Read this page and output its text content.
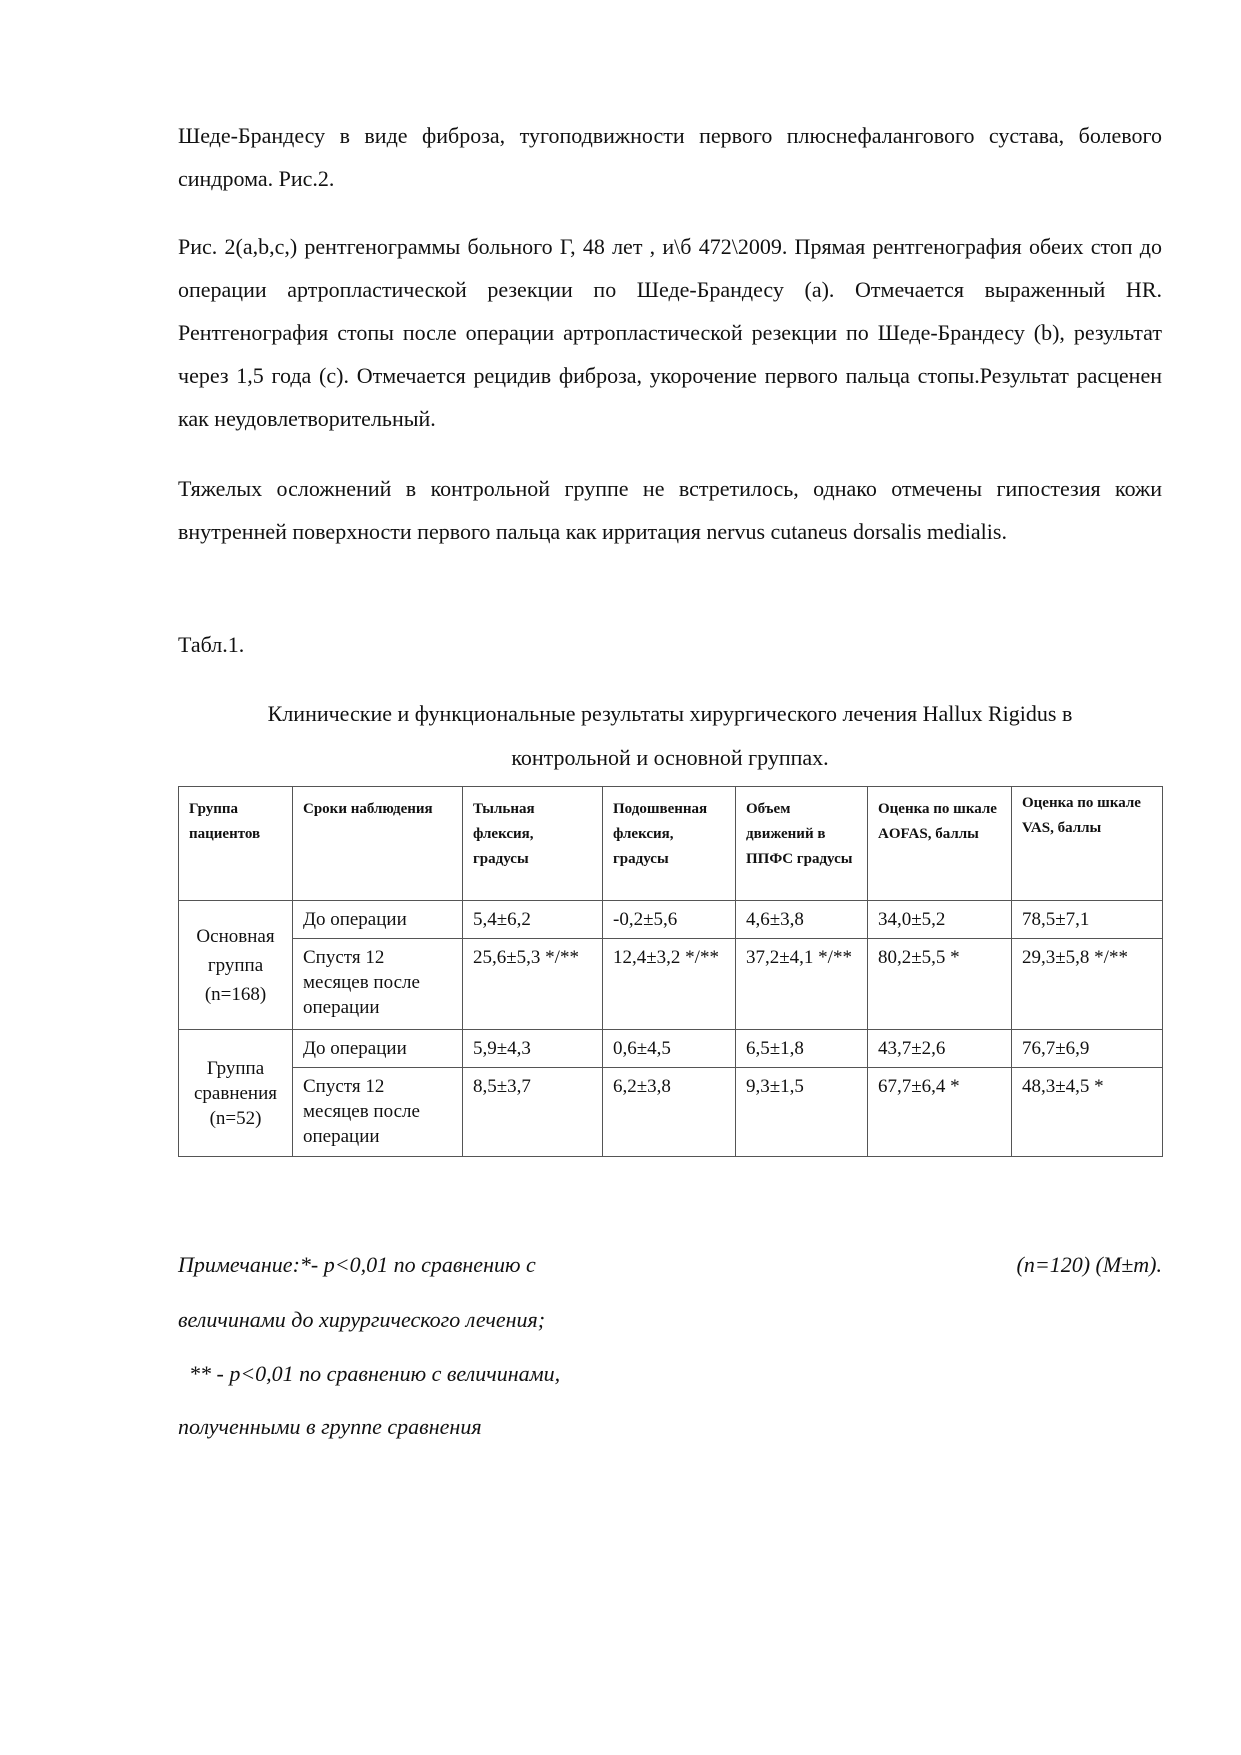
Шеде-Брандесу в виде фиброза, тугоподвижности первого плюснефалангового сустава, болевого синдрома. Рис.2.
Рис. 2(a,b,c,) рентгенограммы больного Г, 48 лет , и\б 472\2009. Прямая рентгенография обеих стоп до операции артропластической резекции по Шеде-Брандесу (а). Отмечается выраженный HR. Рентгенография стопы после операции артропластической резекции по Шеде-Брандесу (b), результат через 1,5 года (c). Отмечается рецидив фиброза, укорочение первого пальца стопы.Результат расценен как неудовлетворительный.
Тяжелых осложнений в контрольной группе не встретилось, однако отмечены гипостезия кожи внутренней поверхности первого пальца как ирритация nervus cutaneus dorsalis medialis.
Табл.1.
Клинические и функциональные результаты хирургического лечения Hallux Rigidus в
контрольной и основной группах.
Группа пациентов	Сроки наблюдения	Тыльная флексия, градусы	Подошвенная флексия, градусы	Объем движений в ППФС градусы	Оценка по шкале AOFAS, баллы	Оценка по шкале VAS, баллы
Основная группа (n=168)	До операции	5,4±6,2	-0,2±5,6	4,6±3,8	34,0±5,2	78,5±7,1
	Спустя 12 месяцев после операции	25,6±5,3 */**	12,4±3,2 */**	37,2±4,1 */**	80,2±5,5 *	29,3±5,8 */**
Группа сравнения (n=52)	До операции	5,9±4,3	0,6±4,5	6,5±1,8	43,7±2,6	76,7±6,9
	Спустя 12 месяцев после операции	8,5±3,7	6,2±3,8	9,3±1,5	67,7±6,4 *	48,3±4,5 *
Примечание:*- p<0,01 по сравнению с	(n=120) (M±m).
величинами до хирургического лечения;
** - p<0,01 по сравнению с величинами,
полученными в группе сравнения
